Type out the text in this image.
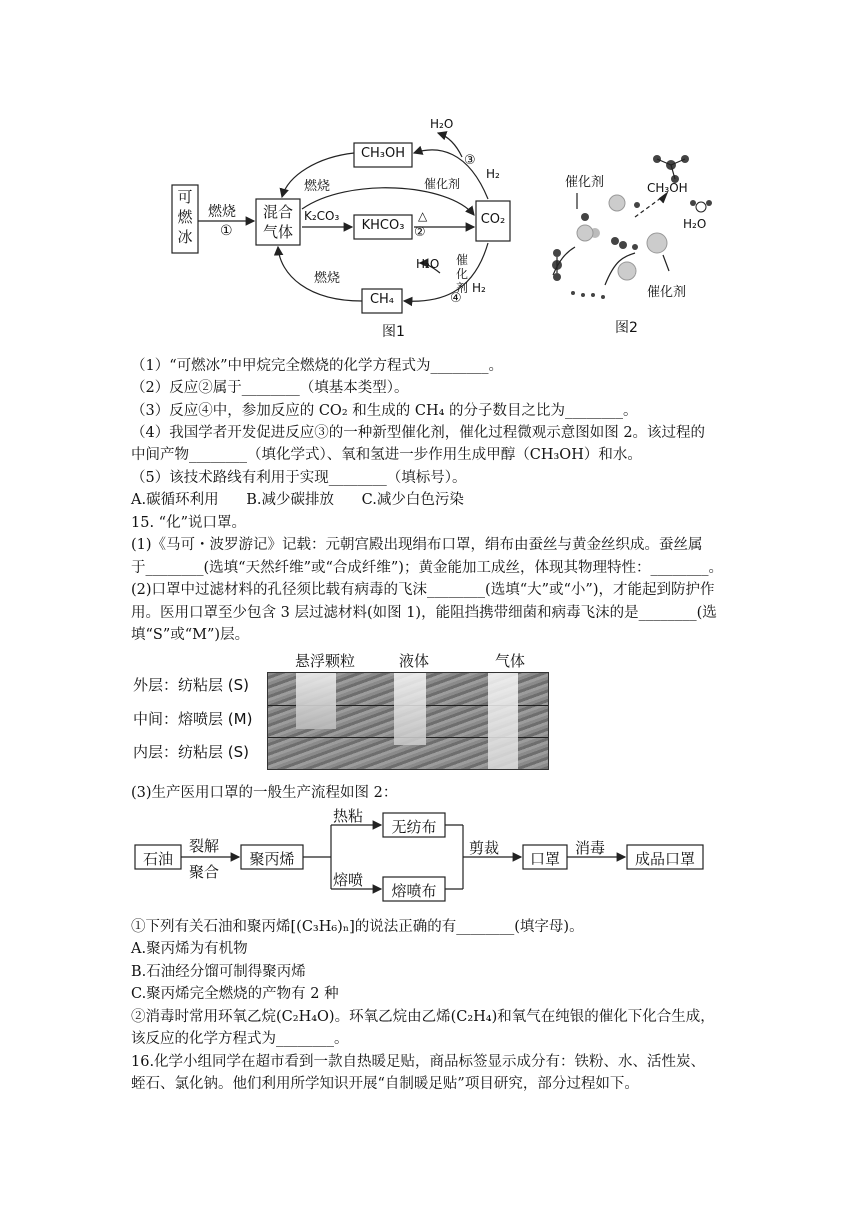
可燃冰
混合气体
CH₃OH
KHCO₃	CO₂
CH₄
燃烧
燃烧
①
燃烧
K₂CO₃	△
②
③
④
H₂O
H₂O
催化剂
催化剂
H₂
H₂
图1
催化剂	CH₃OH
H₂O
催化剂
图2
（1）“可燃冰”中甲烷完全燃烧的化学方程式为________。
（2）反应②属于________（填基本类型）。
（3）反应④中，参加反应的 CO₂ 和生成的 CH₄ 的分子数目之比为________。
（4）我国学者开发促进反应③的一种新型催化剂，催化过程微观示意图如图 2。该过程的
中间产物________（填化学式）、氧和氢进一步作用生成甲醇（CH₃OH）和水。
（5）该技术路线有利用于实现________（填标号）。
A.碳循环利用      B.减少碳排放      C.减少白色污染
15. “化”说口罩。
(1)《马可・波罗游记》记载：元朝宫殿出现绢布口罩，绢布由蚕丝与黄金丝织成。蚕丝属
于________(选填“天然纤维”或“合成纤维”)；黄金能加工成丝，体现其物理特性：________。
(2)口罩中过滤材料的孔径须比载有病毒的飞沫________(选填“大”或“小”)，才能起到防护作
用。医用口罩至少包含 3 层过滤材料(如图 1)，能阻挡携带细菌和病毒飞沫的是________(选
填“S”或“M”)层。
悬浮颗粒	液体	气体
外层：纺粘层 (S)
中间：熔喷层 (M)
内层：纺粘层 (S)
(3)生产医用口罩的一般生产流程如图 2：
石油
裂解
聚合
聚丙烯
热粘
无纺布
熔喷
熔喷布
剪裁
口罩
消毒
成品口罩
①下列有关石油和聚丙烯[(C₃H₆)ₙ]的说法正确的有________(填字母)。
A.聚丙烯为有机物
B.石油经分馏可制得聚丙烯
C.聚丙烯完全燃烧的产物有 2 种
②消毒时常用环氧乙烷(C₂H₄O)。环氧乙烷由乙烯(C₂H₄)和氧气在纯银的催化下化合生成，
该反应的化学方程式为________。
16.化学小组同学在超市看到一款自热暖足贴，商品标签显示成分有：铁粉、水、活性炭、
蛭石、氯化钠。他们利用所学知识开展“自制暖足贴”项目研究，部分过程如下。
